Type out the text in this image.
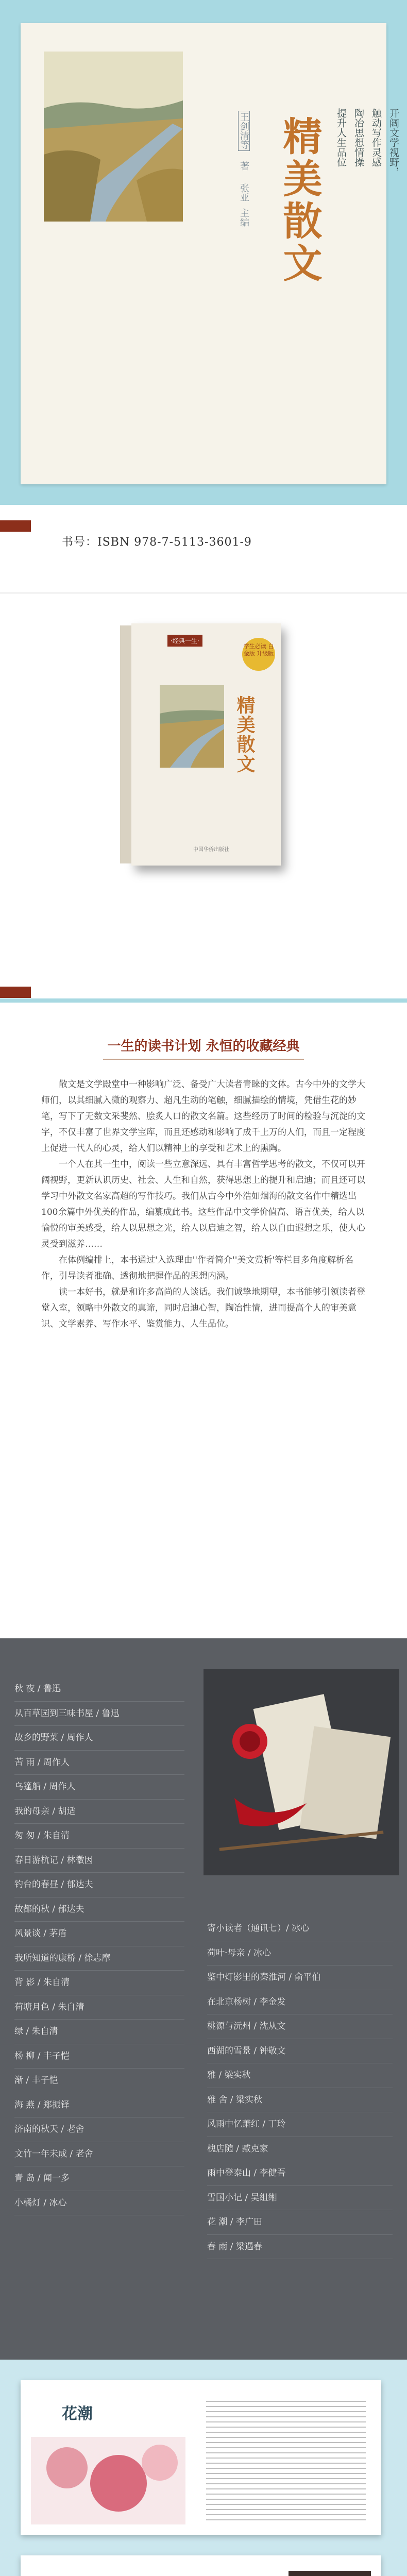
王剑清等 著 张亚 主编 精美散文	开阔文学视野，
触动写作灵感
陶冶思想情操
提升人生品位
书号：ISBN 978-7-5113-3601-9
·经典一生·
学生必读 白金版 升级版
精美散文
中国华侨出版社
一生的读书计划 永恒的收藏经典

散文是文学殿堂中一种影响广泛、备受广大读者青睐的文体。古今中外的文学大师们，以其细腻入微的观察力、超凡生动的笔触，细腻描绘的情境，凭借生花的妙笔，写下了无数文采斐然、脍炙人口的散文名篇。这些经历了时间的检验与沉淀的文字，不仅丰富了世界文学宝库，而且还感动和影响了成千上万的人们，而且一定程度上促进一代人的心灵，给人们以精神上的享受和艺术上的熏陶。

一个人在其一生中，阅读一些立意深远、具有丰富哲学思考的散文，不仅可以开阔视野，更新认识历史、社会、人生和自然，获得思想上的提升和启迪；而且还可以学习中外散文名家高超的写作技巧。我们从古今中外浩如烟海的散文名作中精选出100余篇中外优美的作品，编纂成此书。这些作品中文学价值高、语言优美，给人以愉悦的审美感受，给人以思想之光，给人以启迪之智，给人以自由遐想之乐，使人心灵受到滋养……

在体例编排上，本书通过'入选理由''作者简介''美文赏析'等栏目多角度解析名作，引导读者准确、透彻地把握作品的思想内涵。

读一本好书，就是和许多高尚的人谈话。我们诚挚地期望，本书能够引领读者登堂入室，领略中外散文的真谛，同时启迪心智，陶冶性情，进而提高个人的审美意识、文学素养、写作水平、鉴赏能力、人生品位。

秋 夜 / 鲁迅
从百草园到三味书屋 / 鲁迅
故乡的野菜 / 周作人
苦 雨 / 周作人
乌篷船 / 周作人
我的母亲 / 胡适
匆 匆 / 朱自清
春日游杭记 / 林徽因
钓台的春昼 / 郁达夫
故都的秋 / 郁达夫
风景谈 / 茅盾
我所知道的康桥 / 徐志摩
背 影 / 朱自清
荷塘月色 / 朱自清
绿 / 朱自清
杨 柳 / 丰子恺
渐 / 丰子恺
海 燕 / 郑振铎
济南的秋天 / 老舍
文竹一年未成 / 老舍
青 岛 / 闻一多
小橘灯 / 冰心
寄小读者（通讯七）/ 冰心
荷叶·母亲 / 冰心
鉴中灯影里的秦淮河 / 俞平伯
在北京杨树 / 李金发
桃源与沅州 / 沈从文
西湖的雪景 / 钟敬文
雅 / 梁实秋
雅 舍 / 梁实秋
风雨中忆萧红 / 丁玲
槐店随 / 臧克家
雨中登泰山 / 李健吾
雪国小记 / 吴组缃
花 潮 / 李广田
春 雨 / 梁遇春
花潮
